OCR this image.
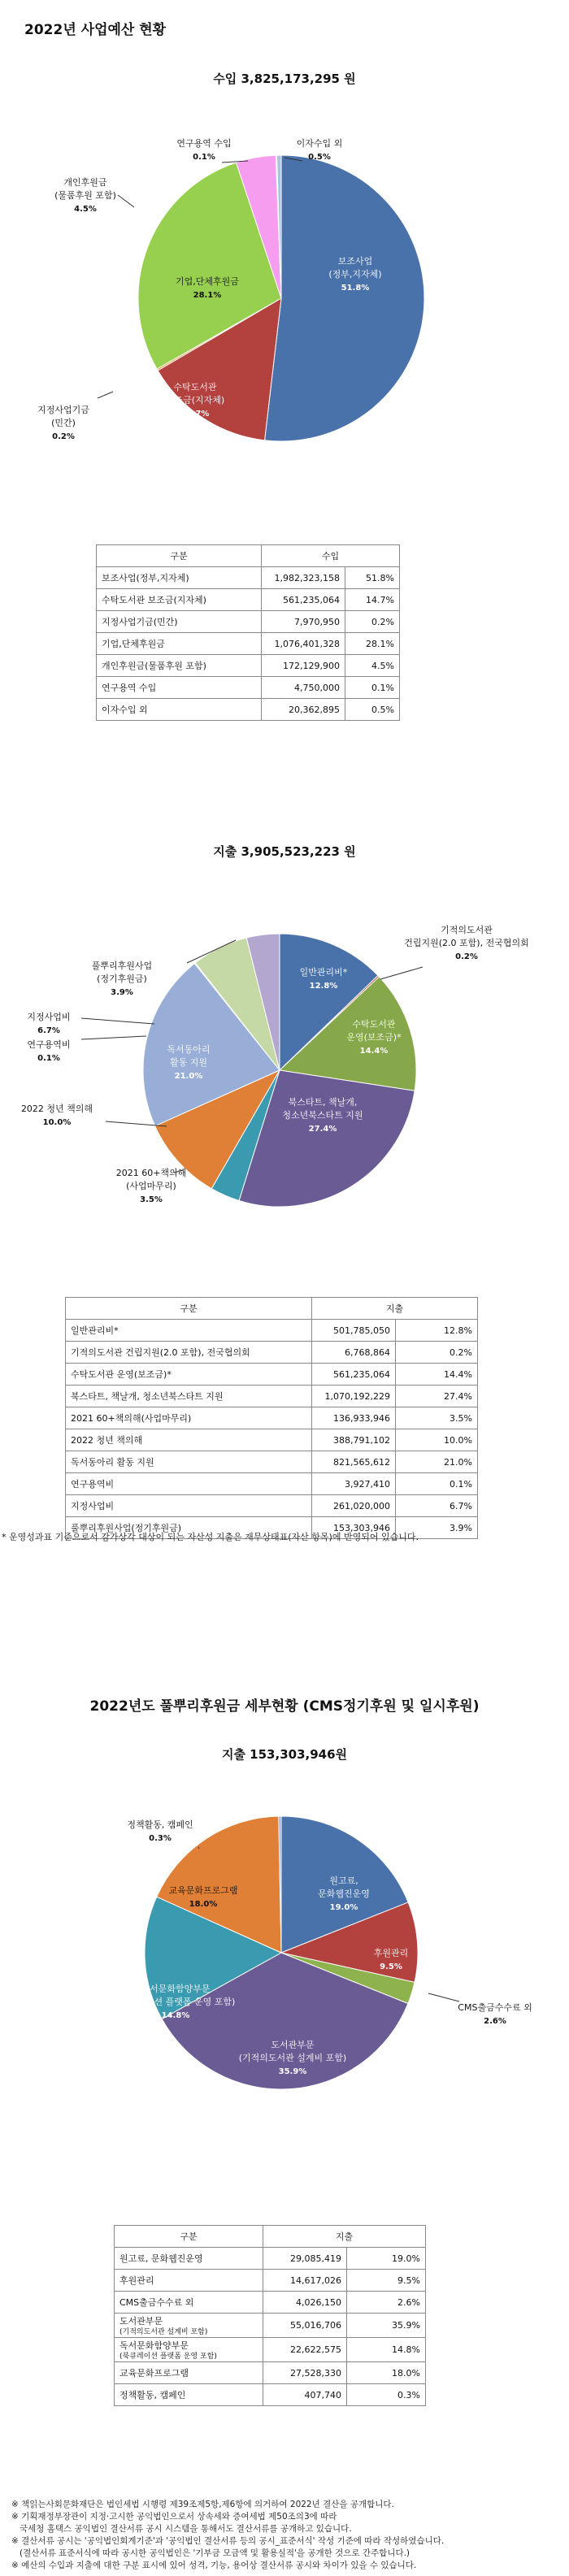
2022년 사업예산 현황
수입 3,825,173,295 원
보조사업
(정부,지자체)
51.8%
수탁도서관
보조금(지자체)
14.7%
지정사업기금
(민간)
0.2%
기업,단체후원금
28.1%
개인후원금
(물품후원 포함)
4.5%
연구용역 수입
0.1%
이자수입 외
0.5%
구분	수입	
보조사업(정부,지자체)	1,982,323,158	51.8%
수탁도서관 보조금(지자체)	561,235,064	14.7%
지정사업기금(민간)	7,970,950	0.2%
기업,단체후원금	1,076,401,328	28.1%
개인후원금(물품후원 포함)	172,129,900	4.5%
연구용역 수입	4,750,000	0.1%
이자수입 외	20,362,895	0.5%
지출 3,905,523,223 원
일반관리비*
12.8%
기적의도서관
건립지원(2.0 포함), 전국협의회
0.2%
수탁도서관
운영(보조금)*
14.4%
북스타트, 책날개,
청소년북스타트 지원
27.4%
2021 60+책의해
(사업마무리)
3.5%
2022 청년 책의해
10.0%
독서동아리
활동 지원
21.0%
연구용역비
0.1%
지정사업비
6.7%
풀뿌리후원사업
(정기후원금)
3.9%
구분	지출	
일반관리비*	501,785,050	12.8%
기적의도서관 건립지원(2.0 포함), 전국협의회	6,768,864	0.2%
수탁도서관 운영(보조금)*	561,235,064	14.4%
북스타트, 책날개, 청소년북스타트 지원	1,070,192,229	27.4%
2021 60+책의해(사업마무리)	136,933,946	3.5%
2022 청년 책의해	388,791,102	10.0%
독서동아리 활동 지원	821,565,612	21.0%
연구용역비	3,927,410	0.1%
지정사업비	261,020,000	6.7%
풀뿌리후원사업(정기후원금)	153,303,946	3.9%
* 운영성과표 기준으로서 감가상각 대상이 되는 자산성 지출은 재무상태표(자산 항목)에 반영되어 있습니다.
2022년도 풀뿌리후원금 세부현황 (CMS정기후원 및 일시후원)
지출 153,303,946원
원고료,
문화웹진운영
19.0%
후원관리
9.5%
CMS출금수수료 외
2.6%
도서관부문
(기적의도서관 설계비 포함)
35.9%
독서문화함양부문
(북큐레이션 플랫폼 운영 포함)
14.8%
교육문화프로그램
18.0%
정책활동, 캠페인
0.3%
구분	지출	

원고료, 문화웹진운영	29,085,419	19.0%

후원관리	14,617,026	9.5%

CMS출금수수료 외	4,026,150	2.6%

도서관부문
(기적의도서관 설계비 포함)	55,016,706	35.9%

독서문화함양부문
(북큐레이션 플랫폼 운영 포함)	22,622,575	14.8%

교육문화프로그램	27,528,330	18.0%

정책활동, 캠페인	407,740	0.3%
※ 책읽는사회문화재단은 법인세법 시행령 제39조제5항,제6항에 의거하여 2022년 결산을 공개합니다.
※ 기획재정부장관이 지정·고시한 공익법인으로서 상속세와 증여세법 제50조의3에 따라
국세청 홈택스 공익법인 결산서류 공시 시스템을 통해서도 결산서류를 공개하고 있습니다.
※ 결산서류 공시는 '공익법인회계기준'과 '공익법인 결산서류 등의 공시_표준서식' 작성 기준에 따라 작성하였습니다.
(결산서류 표준서식에 따라 공시한 공익법인은 '기부금 모금액 및 활용실적'을 공개한 것으로 간주합니다.)
※ 예산의 수입과 지출에 대한 구분 표시에 있어 성격, 기능, 용어상 결산서류 공시와 차이가 있을 수 있습니다.
